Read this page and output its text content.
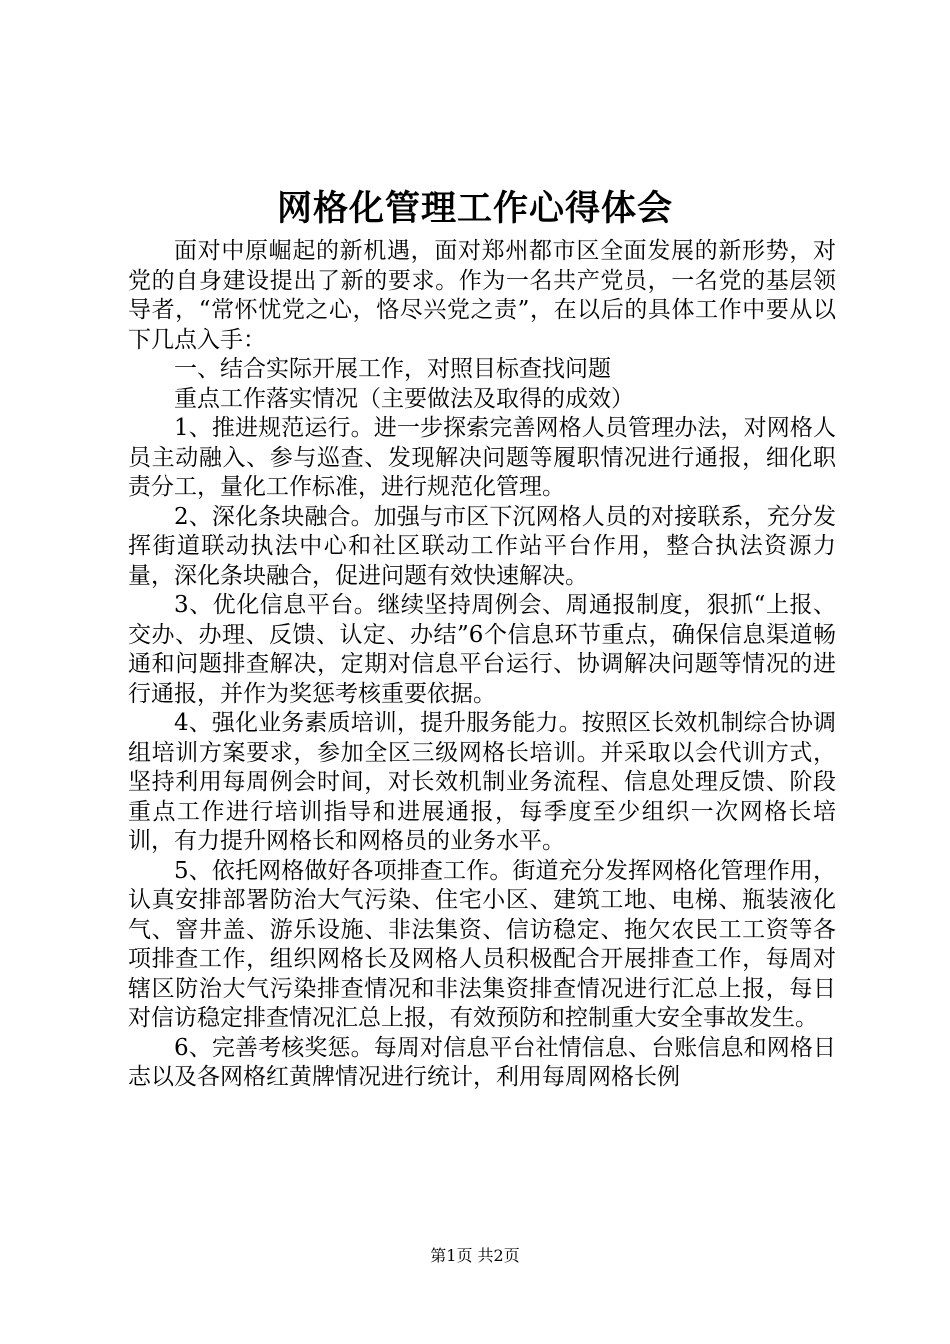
网格化管理工作心得体会

面对中原崛起的新机遇，面对郑州都市区全面发展的新形势，对党的自身建设提出了新的要求。作为一名共产党员，一名党的基层领导者，“常怀忧党之心，恪尽兴党之责”，在以后的具体工作中要从以下几点入手：

一、结合实际开展工作，对照目标查找问题

重点工作落实情况（主要做法及取得的成效）

1、推进规范运行。进一步探索完善网格人员管理办法，对网格人员主动融入、参与巡查、发现解决问题等履职情况进行通报，细化职责分工，量化工作标准，进行规范化管理。

2、深化条块融合。加强与市区下沉网格人员的对接联系，充分发挥街道联动执法中心和社区联动工作站平台作用，整合执法资源力量，深化条块融合，促进问题有效快速解决。

3、优化信息平台。继续坚持周例会、周通报制度，狠抓“上报、交办、办理、反馈、认定、办结”6个信息环节重点，确保信息渠道畅通和问题排查解决，定期对信息平台运行、协调解决问题等情况的进行通报，并作为奖惩考核重要依据。

4、强化业务素质培训，提升服务能力。按照区长效机制综合协调组培训方案要求，参加全区三级网格长培训。并采取以会代训方式，坚持利用每周例会时间，对长效机制业务流程、信息处理反馈、阶段重点工作进行培训指导和进展通报，每季度至少组织一次网格长培训，有力提升网格长和网格员的业务水平。

5、依托网格做好各项排查工作。街道充分发挥网格化管理作用，认真安排部署防治大气污染、住宅小区、建筑工地、电梯、瓶装液化气、窨井盖、游乐设施、非法集资、信访稳定、拖欠农民工工资等各项排查工作，组织网格长及网格人员积极配合开展排查工作，每周对辖区防治大气污染排查情况和非法集资排查情况进行汇总上报，每日对信访稳定排查情况汇总上报，有效预防和控制重大安全事故发生。

6、完善考核奖惩。每周对信息平台社情信息、台账信息和网格日志以及各网格红黄牌情况进行统计，利用每周网格长例

第1页 共2页
